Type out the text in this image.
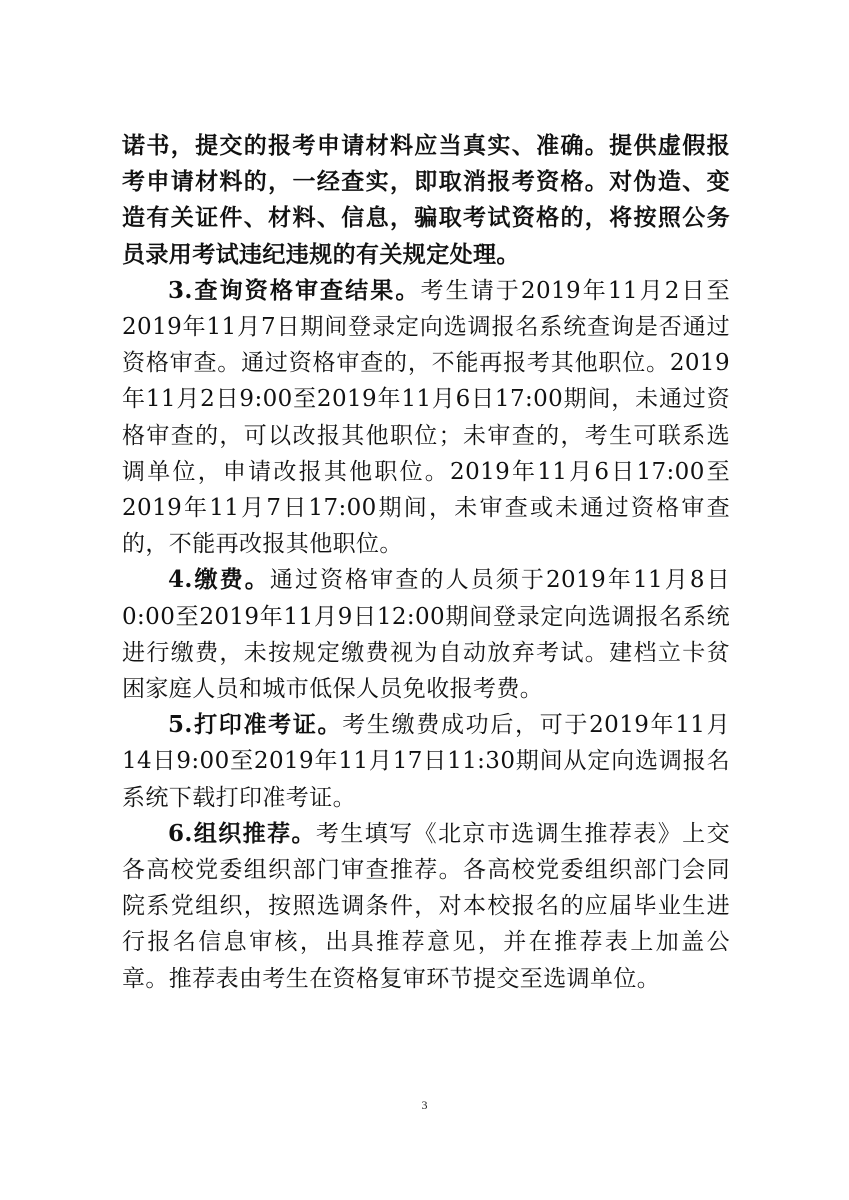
诺书，提交的报考申请材料应当真实、准确。提供虚假报考申请材料的，一经查实，即取消报考资格。对伪造、变造有关证件、材料、信息，骗取考试资格的，将按照公务员录用考试违纪违规的有关规定处理。

3.查询资格审查结果。考生请于2019年11月2日至2019年11月7日期间登录定向选调报名系统查询是否通过资格审查。通过资格审查的，不能再报考其他职位。2019年11月2日9:00至2019年11月6日17:00期间，未通过资格审查的，可以改报其他职位；未审查的，考生可联系选调单位，申请改报其他职位。2019年11月6日17:00至2019年11月7日17:00期间，未审查或未通过资格审查的，不能再改报其他职位。

4.缴费。通过资格审查的人员须于2019年11月8日0:00至2019年11月9日12:00期间登录定向选调报名系统进行缴费，未按规定缴费视为自动放弃考试。建档立卡贫困家庭人员和城市低保人员免收报考费。

5.打印准考证。考生缴费成功后，可于2019年11月14日9:00至2019年11月17日11:30期间从定向选调报名系统下载打印准考证。

6.组织推荐。考生填写《北京市选调生推荐表》上交各高校党委组织部门审查推荐。各高校党委组织部门会同院系党组织，按照选调条件，对本校报名的应届毕业生进行报名信息审核，出具推荐意见，并在推荐表上加盖公章。推荐表由考生在资格复审环节提交至选调单位。

3
